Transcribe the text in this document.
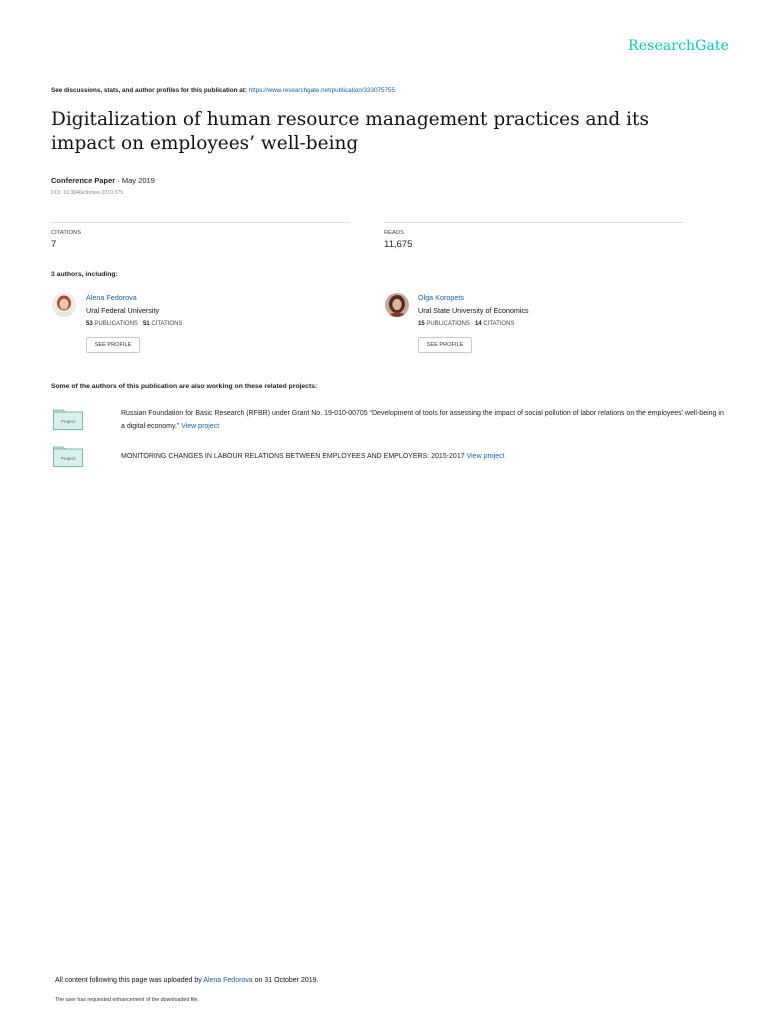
ResearchGate
See discussions, stats, and author profiles for this publication at: https://www.researchgate.net/publication/333075755
Digitalization of human resource management practices and its impact on employees’ well-being
Conference Paper · May 2019
DOI: 10.3846/cibmee.2019.075
CITATIONS
7
READS
11,675
3 authors, including:
Alena Fedorova
Ural Federal University
53 PUBLICATIONS 51 CITATIONS
SEE PROFILE
Olga Koropets
Ural State University of Economics
15 PUBLICATIONS 14 CITATIONS
SEE PROFILE
Some of the authors of this publication are also working on these related projects:
Project
Russian Foundation for Basic Research (RFBR) under Grant No. 19-010-00705 “Development of tools for assessing the impact of social pollution of labor relations on the employees’ well-being in a digital economy.” View project
Project	MONITORING CHANGES IN LABOUR RELATIONS BETWEEN EMPLOYEES AND EMPLOYERS: 2015-2017 View project
All content following this page was uploaded by Alena Fedorova on 31 October 2019.
The user has requested enhancement of the downloaded file.
